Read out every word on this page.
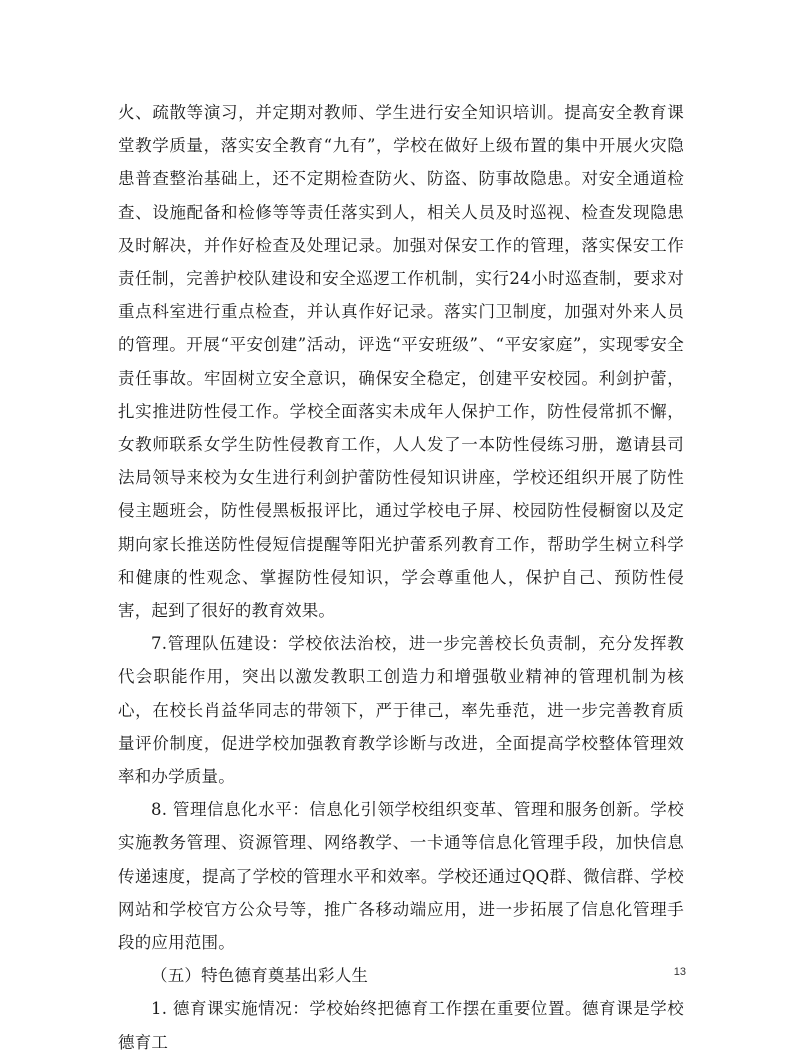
火、疏散等演习，并定期对教师、学生进行安全知识培训。提高安全教育课堂教学质量，落实安全教育“九有”，学校在做好上级布置的集中开展火灾隐患普查整治基础上，还不定期检查防火、防盗、防事故隐患。对安全通道检查、设施配备和检修等等责任落实到人，相关人员及时巡视、检查发现隐患及时解决，并作好检查及处理记录。加强对保安工作的管理，落实保安工作责任制，完善护校队建设和安全巡逻工作机制，实行24小时巡查制，要求对重点科室进行重点检查，并认真作好记录。落实门卫制度，加强对外来人员的管理。开展“平安创建”活动，评选“平安班级”、“平安家庭”，实现零安全责任事故。牢固树立安全意识，确保安全稳定，创建平安校园。利剑护蕾，扎实推进防性侵工作。学校全面落实未成年人保护工作，防性侵常抓不懈，女教师联系女学生防性侵教育工作，人人发了一本防性侵练习册，邀请县司法局领导来校为女生进行利剑护蕾防性侵知识讲座，学校还组织开展了防性侵主题班会，防性侵黑板报评比，通过学校电子屏、校园防性侵橱窗以及定期向家长推送防性侵短信提醒等阳光护蕾系列教育工作，帮助学生树立科学和健康的性观念、掌握防性侵知识，学会尊重他人，保护自己、预防性侵害，起到了很好的教育效果。

7.管理队伍建设：学校依法治校，进一步完善校长负责制，充分发挥教代会职能作用，突出以激发教职工创造力和增强敬业精神的管理机制为核心，在校长肖益华同志的带领下，严于律己，率先垂范，进一步完善教育质量评价制度，促进学校加强教育教学诊断与改进，全面提高学校整体管理效率和办学质量。

8. 管理信息化水平：信息化引领学校组织变革、管理和服务创新。学校实施教务管理、资源管理、网络教学、一卡通等信息化管理手段，加快信息传递速度，提高了学校的管理水平和效率。学校还通过QQ群、微信群、学校网站和学校官方公众号等，推广各移动端应用，进一步拓展了信息化管理手段的应用范围。

（五）特色德育奠基出彩人生

1. 德育课实施情况：学校始终把德育工作摆在重要位置。德育课是学校德育工

13
